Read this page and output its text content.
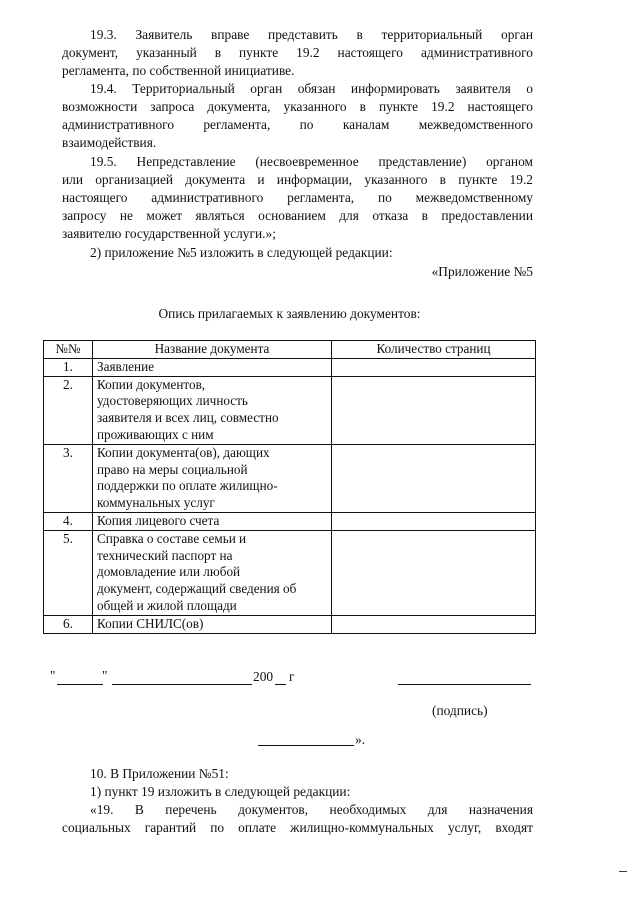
19.3. Заявитель вправе представить в территориальный орган
документ, указанный в пункте 19.2 настоящего административного
регламента, по собственной инициативе.
19.4. Территориальный орган обязан информировать заявителя о
возможности запроса документа, указанного в пункте 19.2 настоящего
административного регламента, по каналам межведомственного
взаимодействия.
19.5. Непредставление (несвоевременное представление) органом
или организацией документа и информации, указанного в пункте 19.2
настоящего административного регламента, по межведомственному
запросу не может являться основанием для отказа в предоставлении
заявителю государственной услуги.»;
2) приложение №5 изложить в следующей редакции:
«Приложение №5
Опись прилагаемых к заявлению документов:
№№	Название документа	Количество страниц
1.	Заявление	

2.	Копии документов,
удостоверяющих личность
заявителя и всех лиц, совместно
проживающих с ним	

3.	Копии документа(ов), дающих
право на меры социальной
поддержки по оплате жилищно-
коммунальных услуг	

4.	Копия лицевого счета	

5.	Справка о составе семьи и
технический паспорт на
домовладение или любой
документ, содержащий сведения об
общей и жилой площади	

6.	Копии СНИЛС(ов)	

"	"	200 г
(подпись)
».
10. В Приложении №51:
1) пункт 19 изложить в следующей редакции:
«19. В перечень документов, необходимых для назначения
социальных гарантий по оплате жилищно-коммунальных услуг, входят
